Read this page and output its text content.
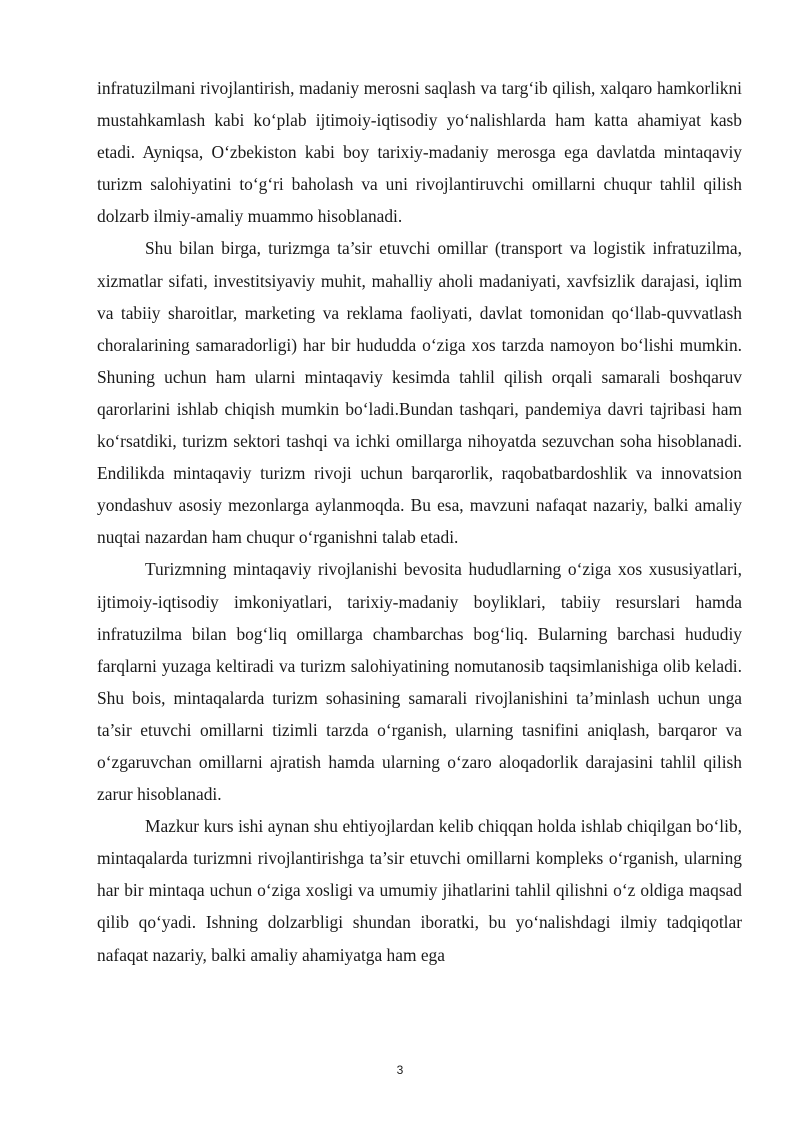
infratuzilmani rivojlantirish, madaniy merosni saqlash va targ‘ib qilish, xalqaro hamkorlikni mustahkamlash kabi ko‘plab ijtimoiy-iqtisodiy yo‘nalishlarda ham katta ahamiyat kasb etadi. Ayniqsa, O‘zbekiston kabi boy tarixiy-madaniy merosga ega davlatda mintaqaviy turizm salohiyatini to‘g‘ri baholash va uni rivojlantiruvchi omillarni chuqur tahlil qilish dolzarb ilmiy-amaliy muammo hisoblanadi.

Shu bilan birga, turizmga ta’sir etuvchi omillar (transport va logistik infratuzilma, xizmatlar sifati, investitsiyaviy muhit, mahalliy aholi madaniyati, xavfsizlik darajasi, iqlim va tabiiy sharoitlar, marketing va reklama faoliyati, davlat tomonidan qo‘llab-quvvatlash choralarining samaradorligi) har bir hududda o‘ziga xos tarzda namoyon bo‘lishi mumkin. Shuning uchun ham ularni mintaqaviy kesimda tahlil qilish orqali samarali boshqaruv qarorlarini ishlab chiqish mumkin bo‘ladi.Bundan tashqari, pandemiya davri tajribasi ham ko‘rsatdiki, turizm sektori tashqi va ichki omillarga nihoyatda sezuvchan soha hisoblanadi. Endilikda mintaqaviy turizm rivoji uchun barqarorlik, raqobatbardoshlik va innovatsion yondashuv asosiy mezonlarga aylanmoqda. Bu esa, mavzuni nafaqat nazariy, balki amaliy nuqtai nazardan ham chuqur o‘rganishni talab etadi.

Turizmning mintaqaviy rivojlanishi bevosita hududlarning o‘ziga xos xususiyatlari, ijtimoiy-iqtisodiy imkoniyatlari, tarixiy-madaniy boyliklari, tabiiy resurslari hamda infratuzilma bilan bog‘liq omillarga chambarchas bog‘liq. Bularning barchasi hududiy farqlarni yuzaga keltiradi va turizm salohiyatining nomutanosib taqsimlanishiga olib keladi. Shu bois, mintaqalarda turizm sohasining samarali rivojlanishini ta’minlash uchun unga ta’sir etuvchi omillarni tizimli tarzda o‘rganish, ularning tasnifini aniqlash, barqaror va o‘zgaruvchan omillarni ajratish hamda ularning o‘zaro aloqadorlik darajasini tahlil qilish zarur hisoblanadi.

Mazkur kurs ishi aynan shu ehtiyojlardan kelib chiqqan holda ishlab chiqilgan bo‘lib, mintaqalarda turizmni rivojlantirishga ta’sir etuvchi omillarni kompleks o‘rganish, ularning har bir mintaqa uchun o‘ziga xosligi va umumiy jihatlarini tahlil qilishni o‘z oldiga maqsad qilib qo‘yadi. Ishning dolzarbligi shundan iboratki, bu yo‘nalishdagi ilmiy tadqiqotlar nafaqat nazariy, balki amaliy ahamiyatga ham ega

3
